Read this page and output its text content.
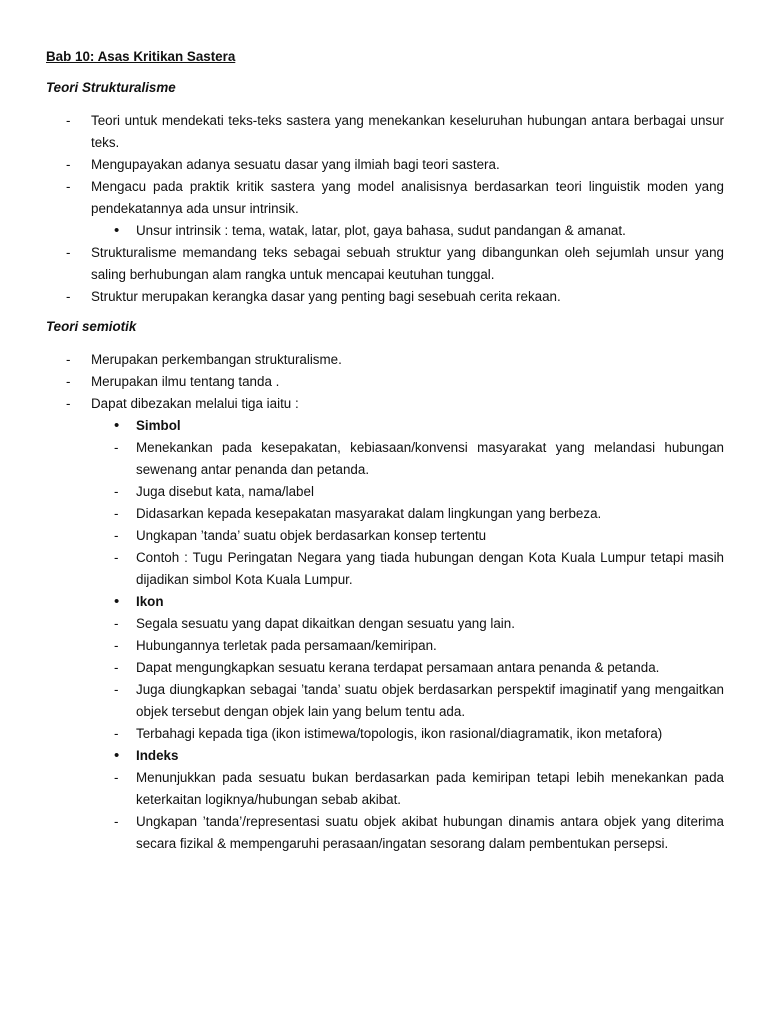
Bab 10: Asas Kritikan Sastera
Teori Strukturalisme
- Teori untuk mendekati teks-teks sastera yang menekankan keseluruhan hubungan antara berbagai unsur teks.
- Mengupayakan adanya sesuatu dasar yang ilmiah bagi teori sastera.
- Mengacu pada praktik kritik sastera yang model analisisnya berdasarkan teori linguistik moden yang pendekatannya ada unsur intrinsik.
• Unsur intrinsik : tema, watak, latar, plot, gaya bahasa, sudut pandangan & amanat.
- Strukturalisme memandang teks sebagai sebuah struktur yang dibangunkan oleh sejumlah unsur yang saling berhubungan alam rangka untuk mencapai keutuhan tunggal.
- Struktur merupakan kerangka dasar yang penting bagi sesebuah cerita rekaan.
Teori semiotik
- Merupakan perkembangan strukturalisme.
- Merupakan ilmu tentang tanda .
- Dapat dibezakan melalui tiga iaitu :
• Simbol
- Menekankan pada kesepakatan, kebiasaan/konvensi masyarakat yang melandasi hubungan sewenang antar penanda dan petanda.
- Juga disebut kata, nama/label
- Didasarkan kepada kesepakatan masyarakat dalam lingkungan yang berbeza.
- Ungkapan ’tanda’ suatu objek berdasarkan konsep tertentu
- Contoh : Tugu Peringatan Negara yang tiada hubungan dengan Kota Kuala Lumpur tetapi masih dijadikan simbol Kota Kuala Lumpur.
• Ikon
- Segala sesuatu yang dapat dikaitkan dengan sesuatu yang lain.
- Hubungannya terletak pada persamaan/kemiripan.
- Dapat mengungkapkan sesuatu kerana terdapat persamaan antara penanda & petanda.
- Juga diungkapkan sebagai ’tanda’ suatu objek berdasarkan perspektif imaginatif yang mengaitkan objek tersebut dengan objek lain yang belum tentu ada.
- Terbahagi kepada tiga (ikon istimewa/topologis, ikon rasional/diagramatik, ikon metafora)
• Indeks
- Menunjukkan pada sesuatu bukan berdasarkan pada kemiripan tetapi lebih menekankan pada keterkaitan logiknya/hubungan sebab akibat.
- Ungkapan ’tanda’/representasi suatu objek akibat hubungan dinamis antara objek yang diterima secara fizikal & mempengaruhi perasaan/ingatan sesorang dalam pembentukan persepsi.
